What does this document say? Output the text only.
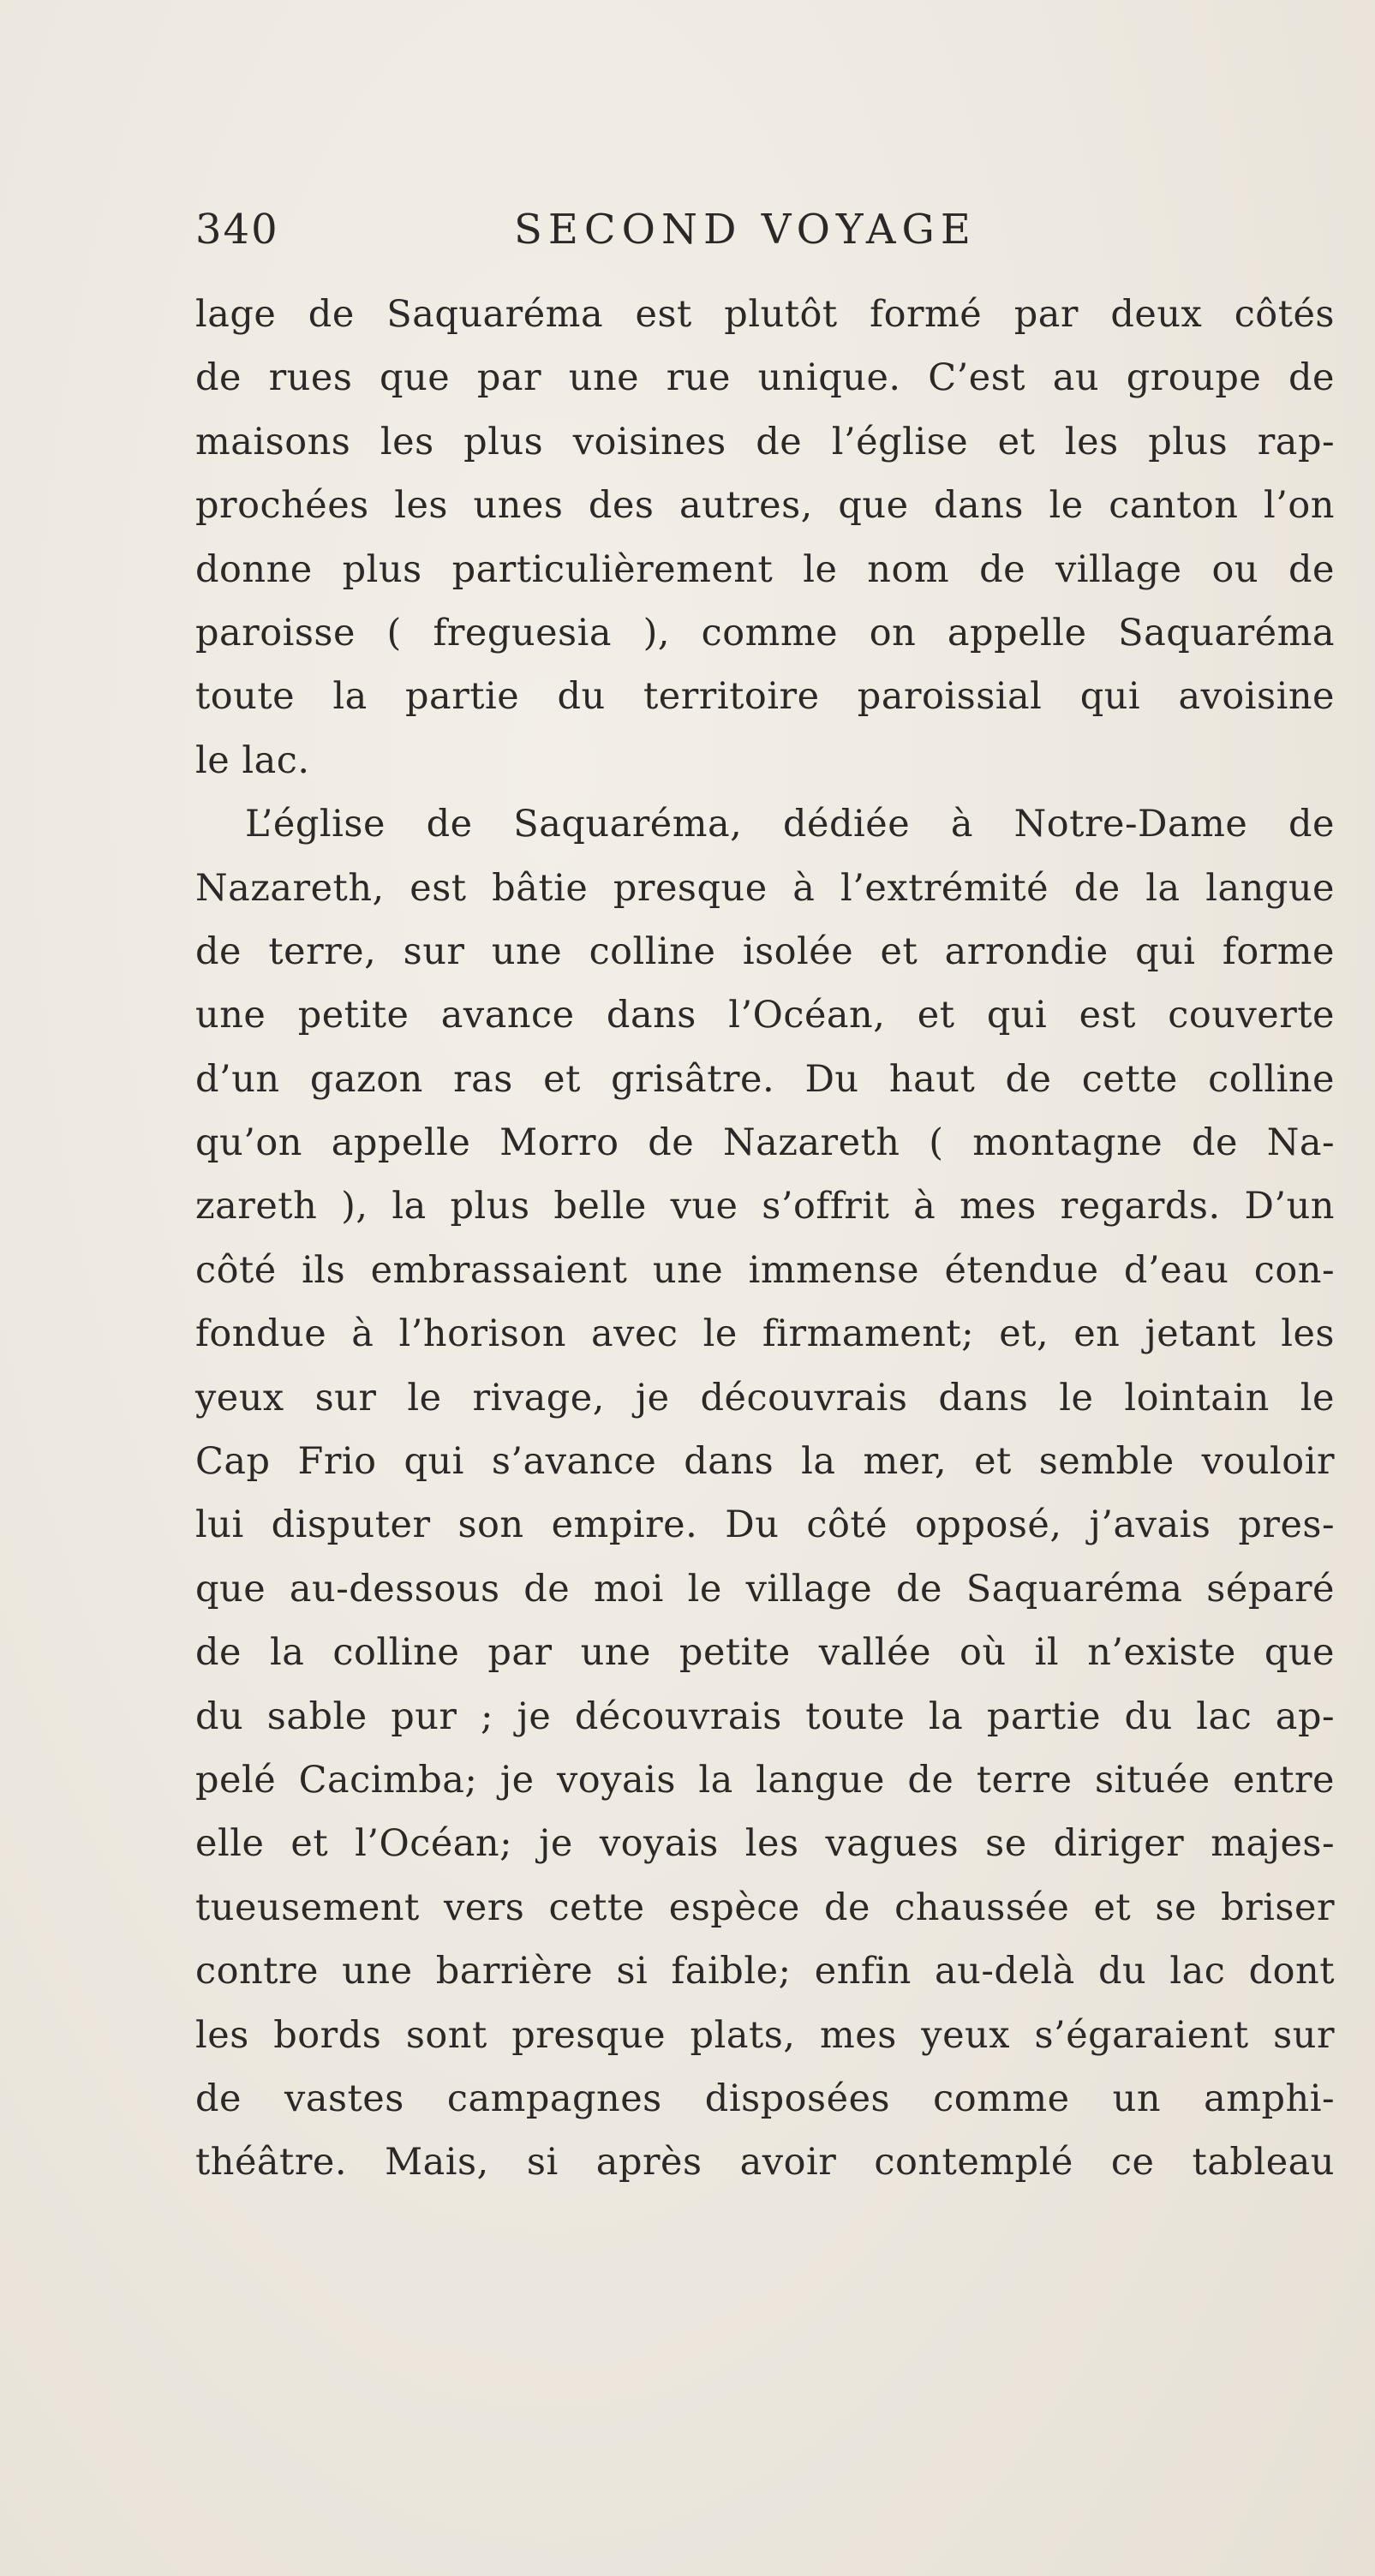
340	SECOND VOYAGE
lage de Saquaréma est plutôt formé par deux côtés
de rues que par une rue unique. C’est au groupe de
maisons les plus voisines de l’église et les plus rap-
prochées les unes des autres, que dans le canton l’on
donne plus particulièrement le nom de village ou de
paroisse ( freguesia ), comme on appelle Saquaréma
toute la partie du territoire paroissial qui avoisine
le lac.
L’église de Saquaréma, dédiée à Notre-Dame de
Nazareth, est bâtie presque à l’extrémité de la langue
de terre, sur une colline isolée et arrondie qui forme
une petite avance dans l’Océan, et qui est couverte
d’un gazon ras et grisâtre. Du haut de cette colline
qu’on appelle Morro de Nazareth ( montagne de Na-
zareth ), la plus belle vue s’offrit à mes regards. D’un
côté ils embrassaient une immense étendue d’eau con-
fondue à l’horison avec le firmament; et, en jetant les
yeux sur le rivage, je découvrais dans le lointain le
Cap Frio qui s’avance dans la mer, et semble vouloir
lui disputer son empire. Du côté opposé, j’avais pres-
que au-dessous de moi le village de Saquaréma séparé
de la colline par une petite vallée où il n’existe que
du sable pur ; je découvrais toute la partie du lac ap-
pelé Cacimba; je voyais la langue de terre située entre
elle et l’Océan; je voyais les vagues se diriger majes-
tueusement vers cette espèce de chaussée et se briser
contre une barrière si faible; enfin au-delà du lac dont
les bords sont presque plats, mes yeux s’égaraient sur
de vastes campagnes disposées comme un amphi-
théâtre. Mais, si après avoir contemplé ce tableau
